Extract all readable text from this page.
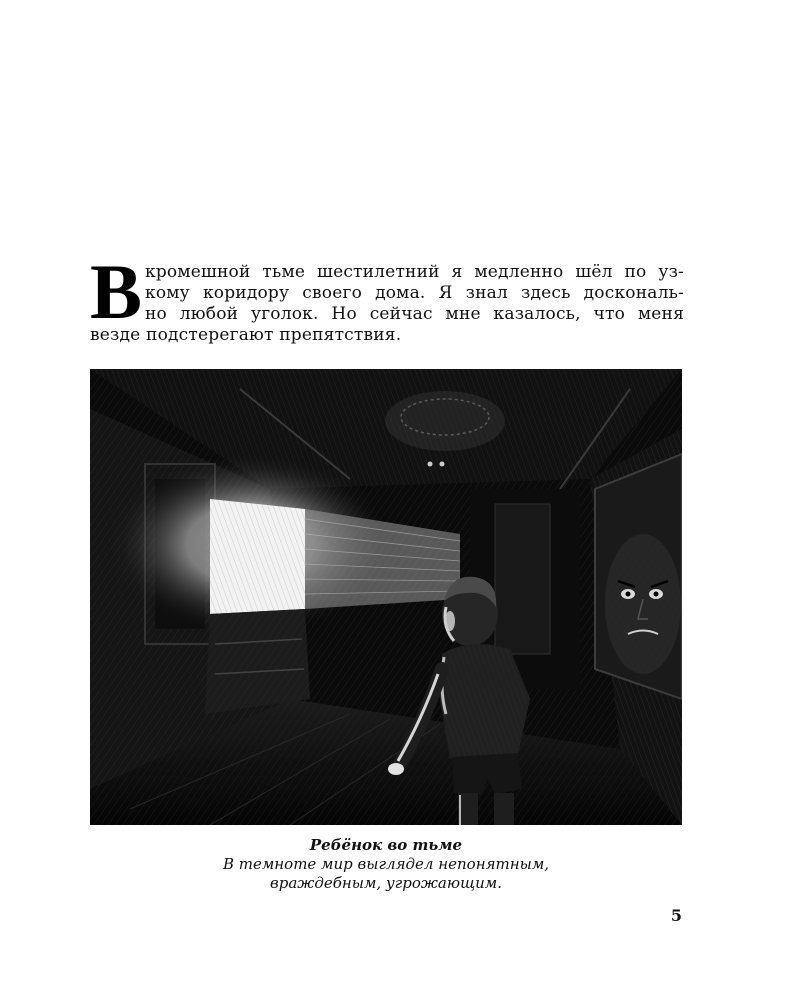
В кромешной тьме шестилетний я медленно шёл по уз-
кому коридору своего дома. Я знал здесь доскональ-
но любой уголок. Но сейчас мне казалось, что меня
везде подстерегают препятствия.
Ребёнок во тьме
В темноте мир выглядел непонятным,
враждебным, угрожающим.
5
